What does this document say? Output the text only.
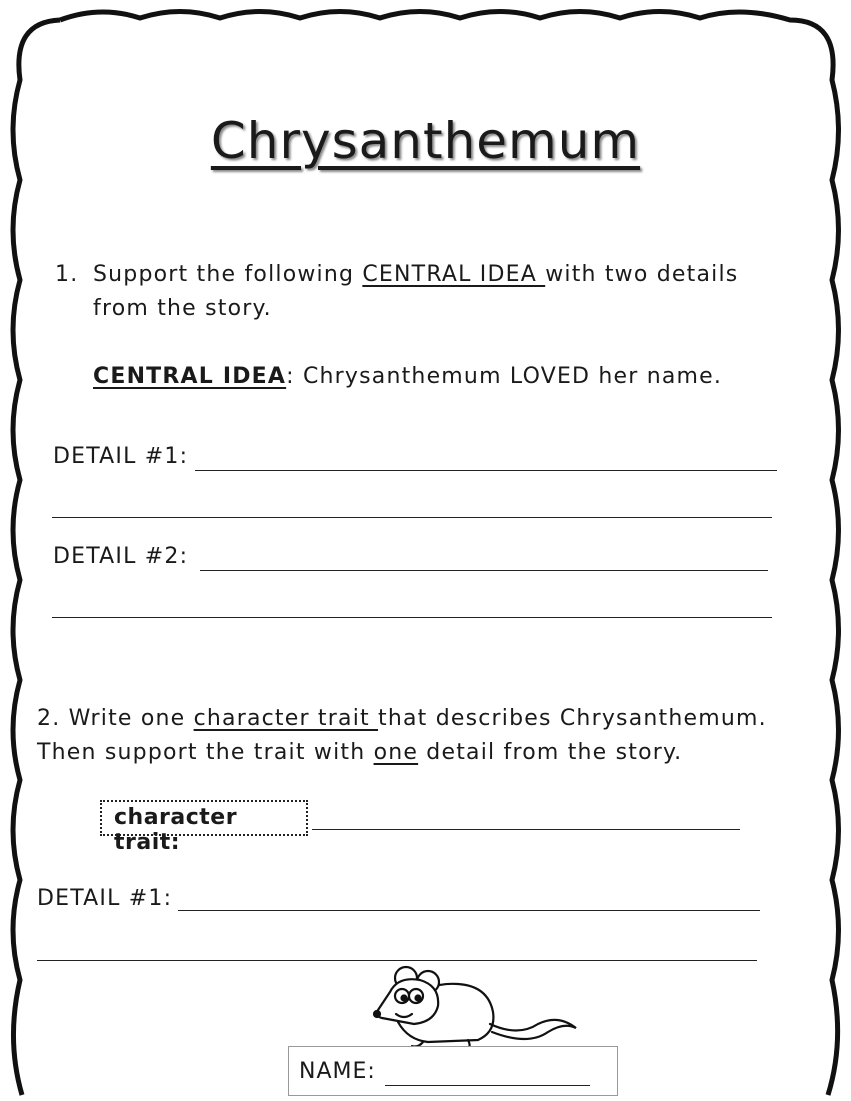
Chrysanthemum
1. Support the following CENTRAL IDEA with two details
from the story.
CENTRAL IDEA: Chrysanthemum LOVED her name.
DETAIL #1:
DETAIL #2:
2. Write one character trait that describes Chrysanthemum.
Then support the trait with one detail from the story.
character trait:
DETAIL #1:
NAME:
